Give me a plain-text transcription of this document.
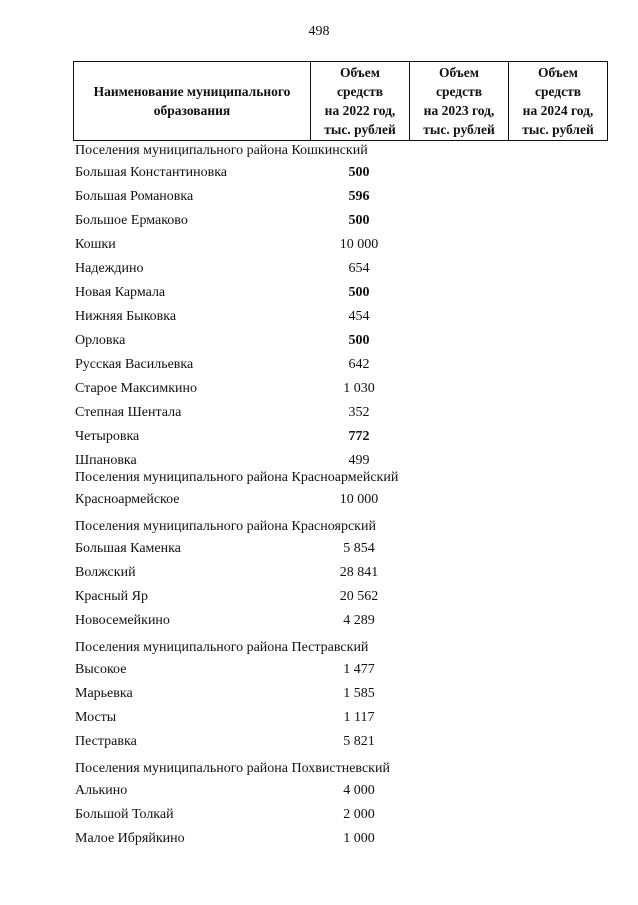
498
Наименование муниципального
образования	Объем
средств
на 2022 год,
тыс. рублей	Объем
средств
на 2023 год,
тыс. рублей	Объем
средств
на 2024 год,
тыс. рублей
Поселения муниципального района Кошкинский
Большая Константиновка	500
Большая Романовка	596
Большое Ермаково	500
Кошки	10 000
Надеждино	654
Новая Кармала	500
Нижняя Быковка	454
Орловка	500
Русская Васильевка	642
Старое Максимкино	1 030
Степная Шентала	352
Четыровка	772
Шпановка	499
Поселения муниципального района Красноармейский
Красноармейское	10 000
Поселения муниципального района Красноярский
Большая Каменка	5 854
Волжский	28 841
Красный Яр	20 562
Новосемейкино	4 289
Поселения муниципального района Пестравский
Высокое	1 477
Марьевка	1 585
Мосты	1 117
Пестравка	5 821
Поселения муниципального района Похвистневский
Алькино	4 000
Большой Толкай	2 000
Малое Ибряйкино	1 000
